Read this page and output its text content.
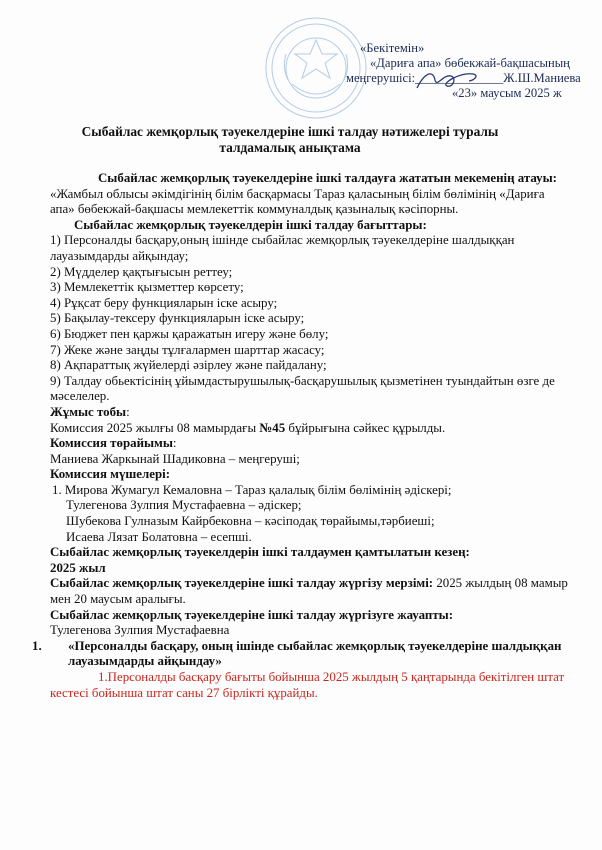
«Бекітемін»
«Дариға апа» бөбекжай-бақшасының
меңгерушісі:______________Ж.Ш.Маниева
«23» маусым 2025 ж
Сыбайлас жемқорлық тәуекелдеріне ішкі талдау нәтижелері туралы
талдамалық анықтама

Сыбайлас жемқорлық тәуекелдеріне ішкі талдауға жататын мекеменің атауы: «Жамбыл облысы әкімдігінің білім басқармасы Тараз қаласының білім бөлімінің «Дариға апа» бөбекжай-бақшасы мемлекеттік коммуналдық қазыналық кәсіпорны.

Сыбайлас жемқорлық тәуекелдерін ішкі талдау бағыттары:

1) Персоналды басқару,оның ішінде сыбайлас жемқорлық тәуекелдеріне шалдыққан лауазымдарды айқындау;

2) Мүдделер қақтығысын реттеу;

3) Мемлекеттік қызметтер көрсету;

4) Рұқсат беру функцияларын іске асыру;

5) Бақылау-тексеру функцияларын іске асыру;

6) Бюджет пен қаржы қаражатын игеру және бөлу;

7) Жеке және заңды тұлғалармен шарттар жасасу;

8) Ақпараттық жүйелерді әзірлеу және пайдалану;

9) Талдау обьектісінің ұйымдастырушылық-басқарушылық қызметінен туындайтын өзге де мәселелер.

Жұмыс тобы:

Комиссия 2025 жылғы 08 мамырдағы №45 бұйрығына сәйкес құрылды.

Комиссия төрайымы:

Маниева Жаркынай Шадиковна – меңгеруші;

Комиссия мүшелері:

1. Мирова Жумагул Кемаловна – Тараз қалалық білім бөлімінің әдіскері;

Тулегенова Зулпия Мустафаевна – әдіскер;

Шубекова Гулназым Кайрбековна – кәсіподақ төрайымы,тәрбиеші;

Исаева Лязат Болатовна – есепші.

Сыбайлас жемқорлық тәуекелдерін ішкі талдаумен қамтылатын кезең:

2025 жыл

Сыбайлас жемқорлық тәуекелдеріне ішкі талдау жүргізу мерзімі: 2025 жылдың 08 мамыр мен 20 маусым аралығы.

Сыбайлас жемқорлық тәуекелдеріне ішкі талдау жүргізуге жауапты:

Тулегенова Зулпия Мустафаевна

1. «Персоналды басқару, оның ішінде сыбайлас жемқорлық тәуекелдеріне шалдыққан лауазымдарды айқындау»

1.Персоналды басқару бағыты бойынша 2025 жылдың 5 қаңтарында бекітілген штат кестесі бойынша штат саны 27 бірлікті құрайды.
